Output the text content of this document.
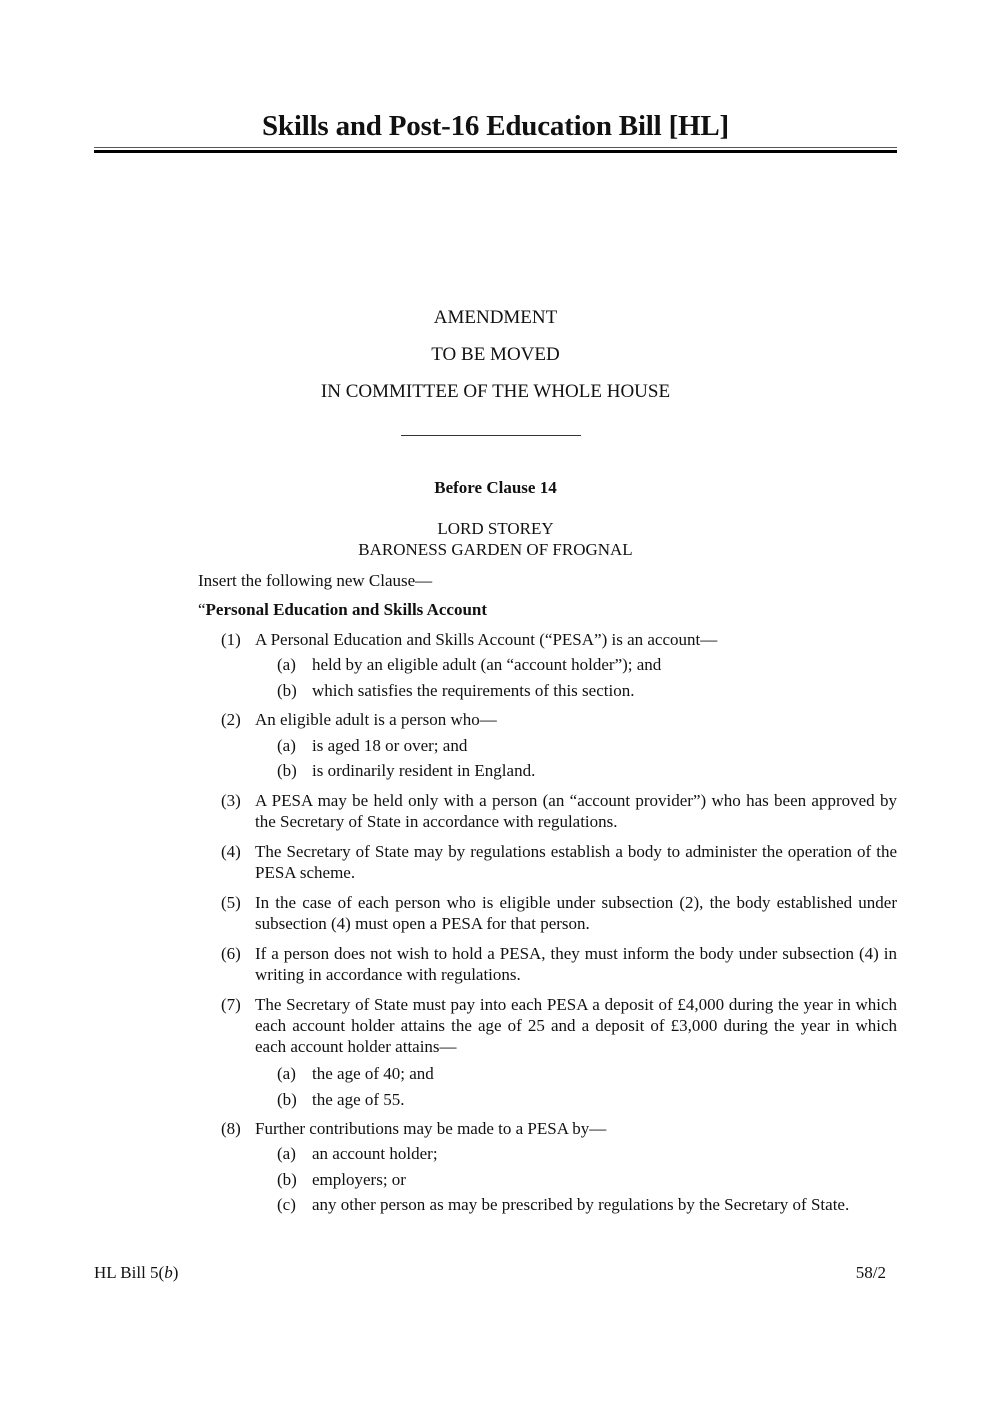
Skills and Post-16 Education Bill [HL]
AMENDMENT
TO BE MOVED
IN COMMITTEE OF THE WHOLE HOUSE
Before Clause 14
LORD STOREY
BARONESS GARDEN OF FROGNAL
Insert the following new Clause—
“Personal Education and Skills Account
(1) A Personal Education and Skills Account (“PESA”) is an account—
(a) held by an eligible adult (an “account holder”); and
(b) which satisfies the requirements of this section.
(2) An eligible adult is a person who—
(a) is aged 18 or over; and
(b) is ordinarily resident in England.
(3) A PESA may be held only with a person (an “account provider”) who has been approved by the Secretary of State in accordance with regulations.
(4) The Secretary of State may by regulations establish a body to administer the operation of the PESA scheme.
(5) In the case of each person who is eligible under subsection (2), the body established under subsection (4) must open a PESA for that person.
(6) If a person does not wish to hold a PESA, they must inform the body under subsection (4) in writing in accordance with regulations.
(7) The Secretary of State must pay into each PESA a deposit of £4,000 during the year in which each account holder attains the age of 25 and a deposit of £3,000 during the year in which each account holder attains—
(a) the age of 40; and
(b) the age of 55.
(8) Further contributions may be made to a PESA by—
(a) an account holder;
(b) employers; or
(c) any other person as may be prescribed by regulations by the Secretary of State.
HL Bill 5(b)	58/2
